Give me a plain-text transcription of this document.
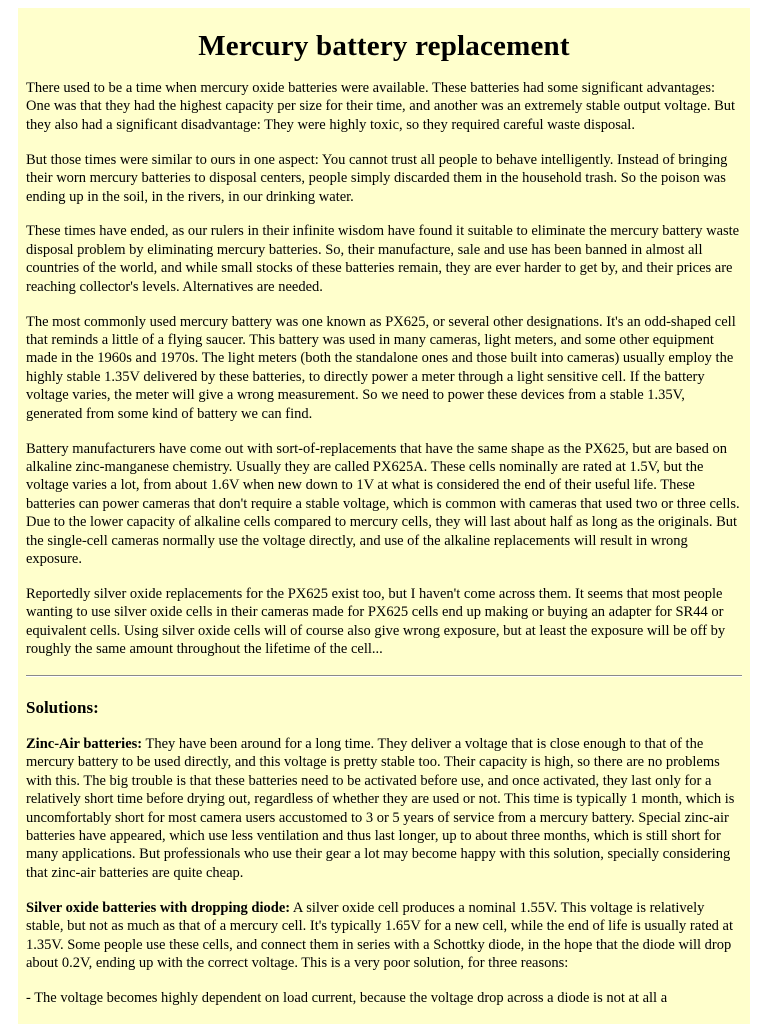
Mercury battery replacement

There used to be a time when mercury oxide batteries were available. These batteries had some significant advantages: One was that they had the highest capacity per size for their time, and another was an extremely stable output voltage. But they also had a significant disadvantage: They were highly toxic, so they required careful waste disposal.

But those times were similar to ours in one aspect: You cannot trust all people to behave intelligently. Instead of bringing their worn mercury batteries to disposal centers, people simply discarded them in the household trash. So the poison was ending up in the soil, in the rivers, in our drinking water.

These times have ended, as our rulers in their infinite wisdom have found it suitable to eliminate the mercury battery waste disposal problem by eliminating mercury batteries. So, their manufacture, sale and use has been banned in almost all countries of the world, and while small stocks of these batteries remain, they are ever harder to get by, and their prices are reaching collector's levels. Alternatives are needed.

The most commonly used mercury battery was one known as PX625, or several other designations. It's an odd-shaped cell that reminds a little of a flying saucer. This battery was used in many cameras, light meters, and some other equipment made in the 1960s and 1970s. The light meters (both the standalone ones and those built into cameras) usually employ the highly stable 1.35V delivered by these batteries, to directly power a meter through a light sensitive cell. If the battery voltage varies, the meter will give a wrong measurement. So we need to power these devices from a stable 1.35V, generated from some kind of battery we can find.

Battery manufacturers have come out with sort-of-replacements that have the same shape as the PX625, but are based on alkaline zinc-manganese chemistry. Usually they are called PX625A. These cells nominally are rated at 1.5V, but the voltage varies a lot, from about 1.6V when new down to 1V at what is considered the end of their useful life. These batteries can power cameras that don't require a stable voltage, which is common with cameras that used two or three cells. Due to the lower capacity of alkaline cells compared to mercury cells, they will last about half as long as the originals. But the single-cell cameras normally use the voltage directly, and use of the alkaline replacements will result in wrong exposure.

Reportedly silver oxide replacements for the PX625 exist too, but I haven't come across them. It seems that most people wanting to use silver oxide cells in their cameras made for PX625 cells end up making or buying an adapter for SR44 or equivalent cells. Using silver oxide cells will of course also give wrong exposure, but at least the exposure will be off by roughly the same amount throughout the lifetime of the cell...

Solutions:

Zinc-Air batteries: They have been around for a long time. They deliver a voltage that is close enough to that of the mercury battery to be used directly, and this voltage is pretty stable too. Their capacity is high, so there are no problems with this. The big trouble is that these batteries need to be activated before use, and once activated, they last only for a relatively short time before drying out, regardless of whether they are used or not. This time is typically 1 month, which is uncomfortably short for most camera users accustomed to 3 or 5 years of service from a mercury battery. Special zinc-air batteries have appeared, which use less ventilation and thus last longer, up to about three months, which is still short for many applications. But professionals who use their gear a lot may become happy with this solution, specially considering that zinc-air batteries are quite cheap.

Silver oxide batteries with dropping diode: A silver oxide cell produces a nominal 1.55V. This voltage is relatively stable, but not as much as that of a mercury cell. It's typically 1.65V for a new cell, while the end of life is usually rated at 1.35V. Some people use these cells, and connect them in series with a Schottky diode, in the hope that the diode will drop about 0.2V, ending up with the correct voltage. This is a very poor solution, for three reasons:

- The voltage becomes highly dependent on load current, because the voltage drop across a diode is not at all a
